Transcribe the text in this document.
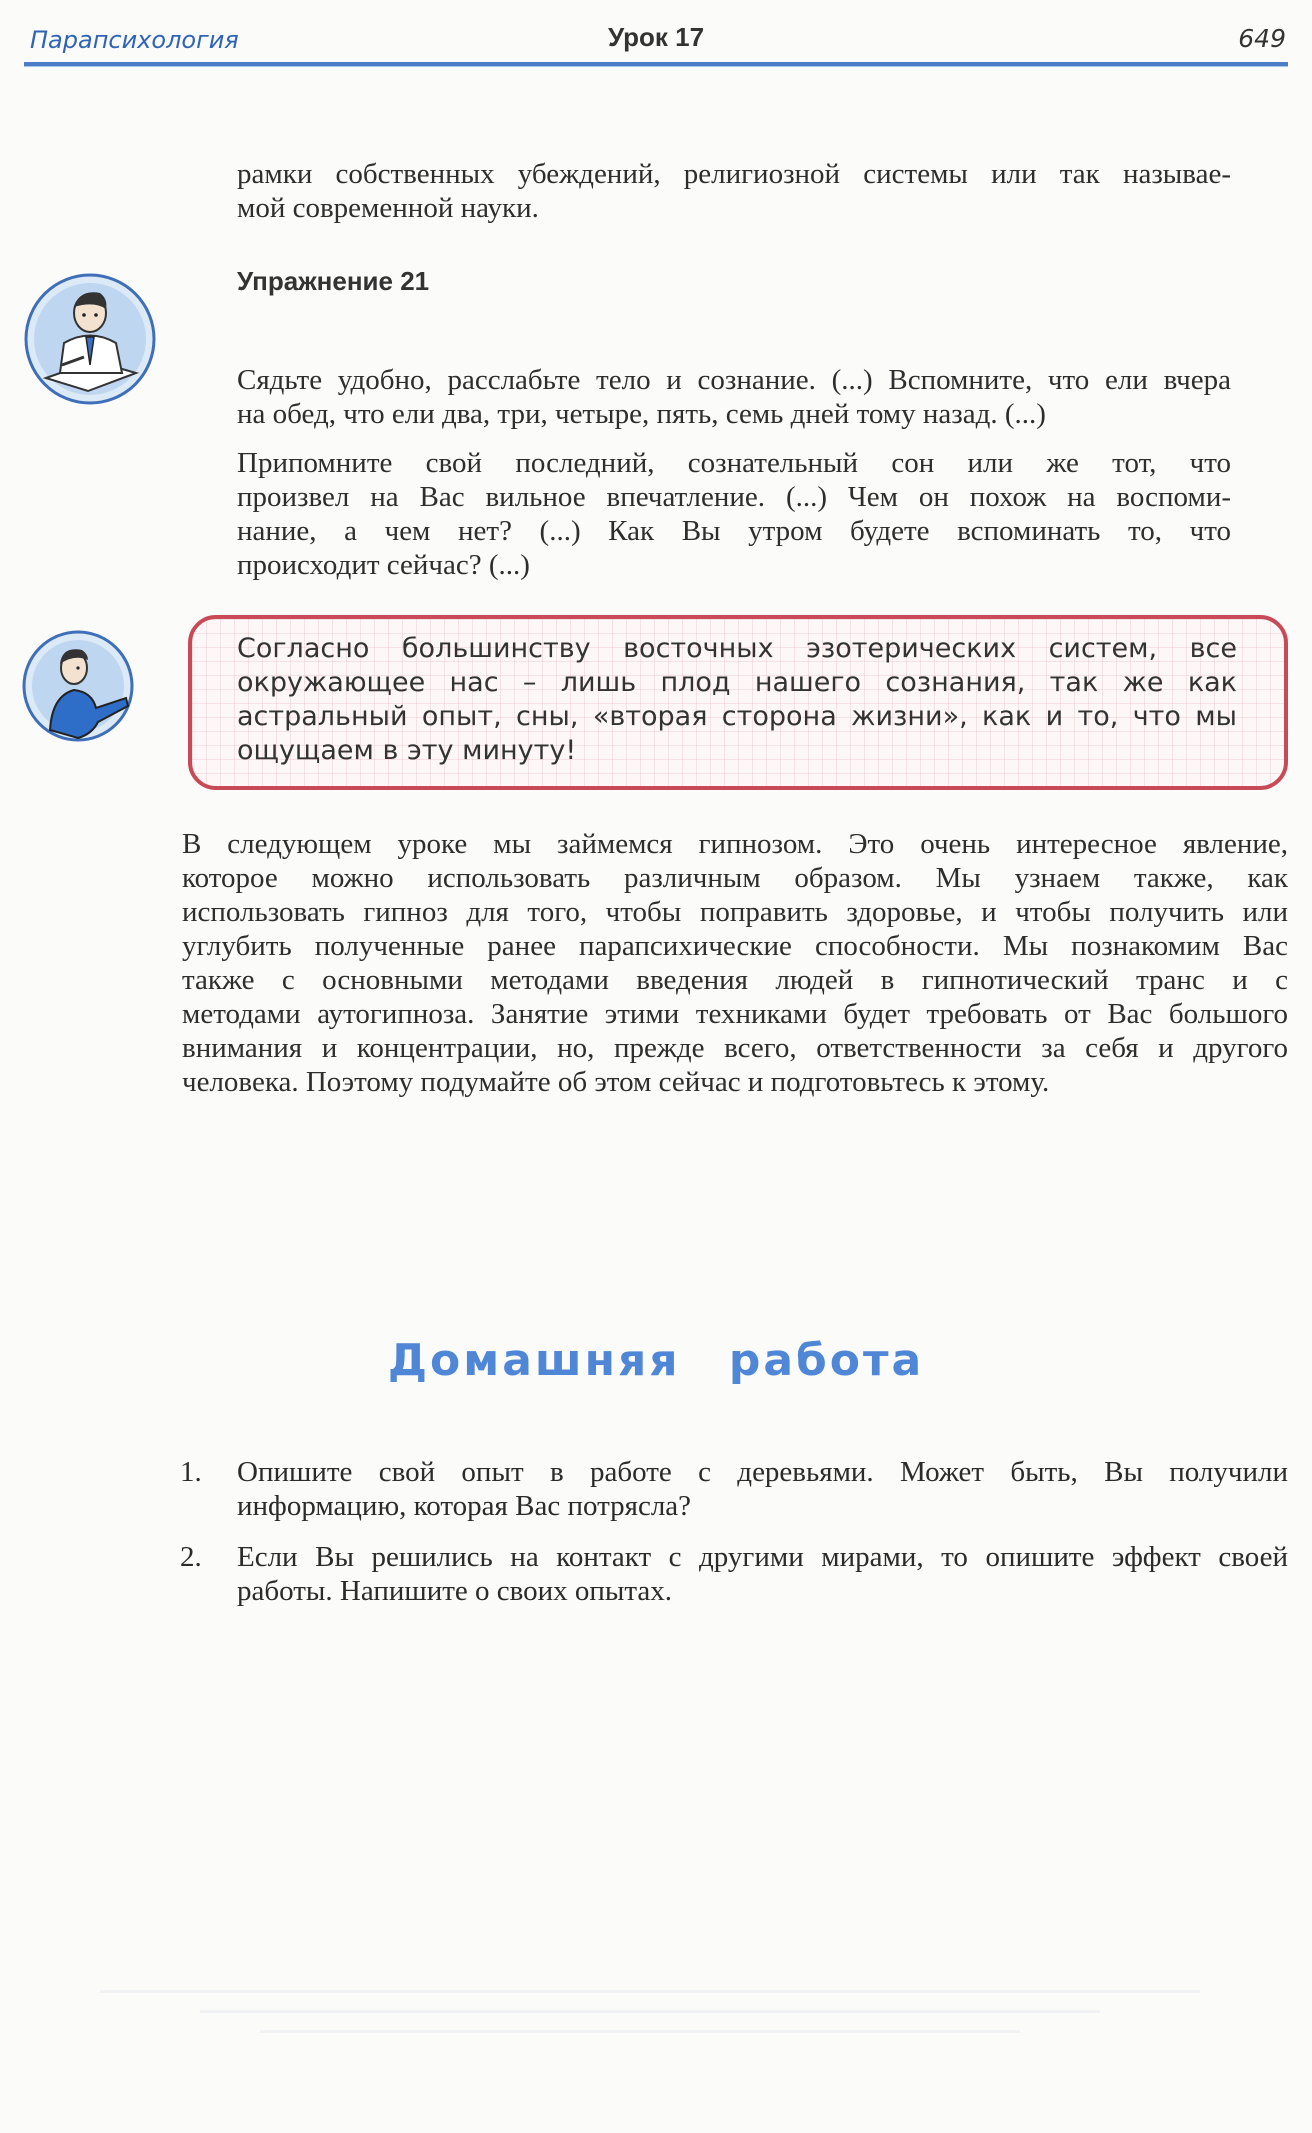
Парапсихология	Урок 17	649
рамки собственных убеждений, религиозной системы или так называе-
мой современной науки.
Упражнение 21
Сядьте удобно, расслабьте тело и сознание. (...) Вспомните, что ели вчера
на обед, что ели два, три, четыре, пять, семь дней тому назад. (...)
Припомните свой последний, сознательный сон или же тот, что
произвел на Вас вильное впечатление. (...) Чем он похож на воспоми-
нание, а чем нет? (...) Как Вы утром будете вспоминать то, что
происходит сейчас? (...)
Согласно большинству восточных эзотерических систем, все
окружающее нас – лишь плод нашего сознания, так же как
астральный опыт, сны, «вторая сторона жизни», как и то, что мы
ощущаем в эту минуту!
В следующем уроке мы займемся гипнозом. Это очень интересное явление,
которое можно использовать различным образом. Мы узнаем также, как
использовать гипноз для того, чтобы поправить здоровье, и чтобы получить или
углубить полученные ранее парапсихические способности. Мы познакомим Вас
также с основными методами введения людей в гипнотический транс и с
методами аутогипноза. Занятие этими техниками будет требовать от Вас большого
внимания и концентрации, но, прежде всего, ответственности за себя и другого
человека. Поэтому подумайте об этом сейчас и подготовьтесь к этому.
Домашняя работа
1. Опишите свой опыт в работе с деревьями. Может быть, Вы получили
информацию, которая Вас потрясла?
2. Если Вы решились на контакт с другими мирами, то опишите эффект своей
работы. Напишите о своих опытах.
